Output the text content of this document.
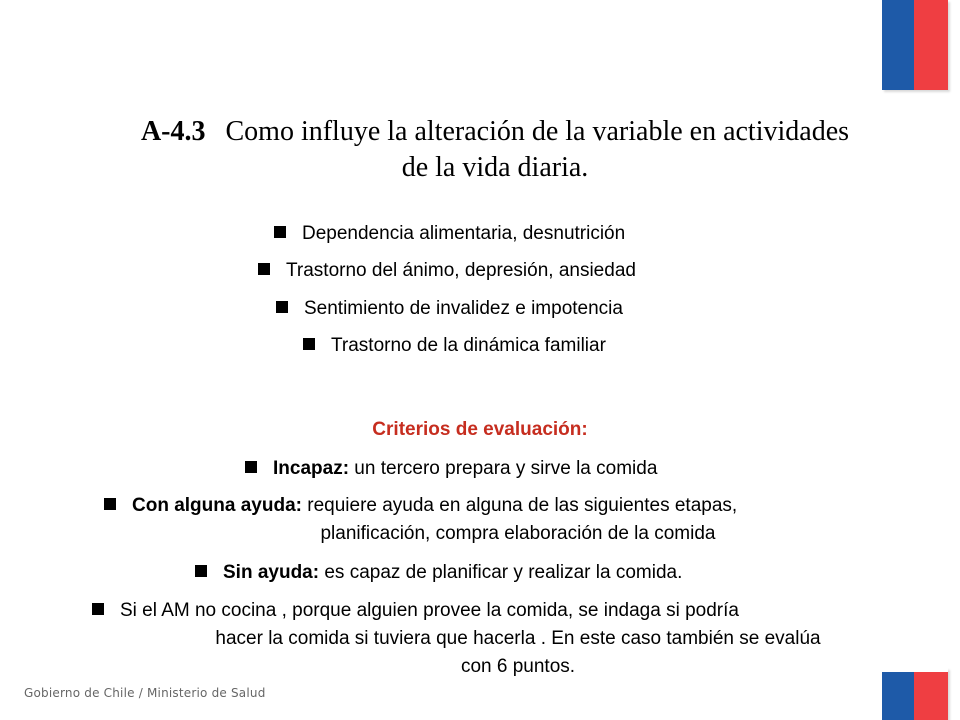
A-4.3 Como influye la alteración de la variable en actividades
de la vida diaria.
Dependencia alimentaria, desnutrición
Trastorno del ánimo, depresión, ansiedad
Sentimiento de invalidez e impotencia
Trastorno de la dinámica familiar
Criterios de evaluación:
Incapaz: un tercero prepara y sirve la comida
Con alguna ayuda: requiere ayuda en alguna de las siguientes etapas,
planificación, compra elaboración de la comida
Sin ayuda: es capaz de planificar y realizar la comida.
Si el AM no cocina , porque alguien provee la comida, se indaga si podría
hacer la comida si tuviera que hacerla . En este caso también se evalúa
con 6 puntos.
Gobierno de Chile / Ministerio de Salud
